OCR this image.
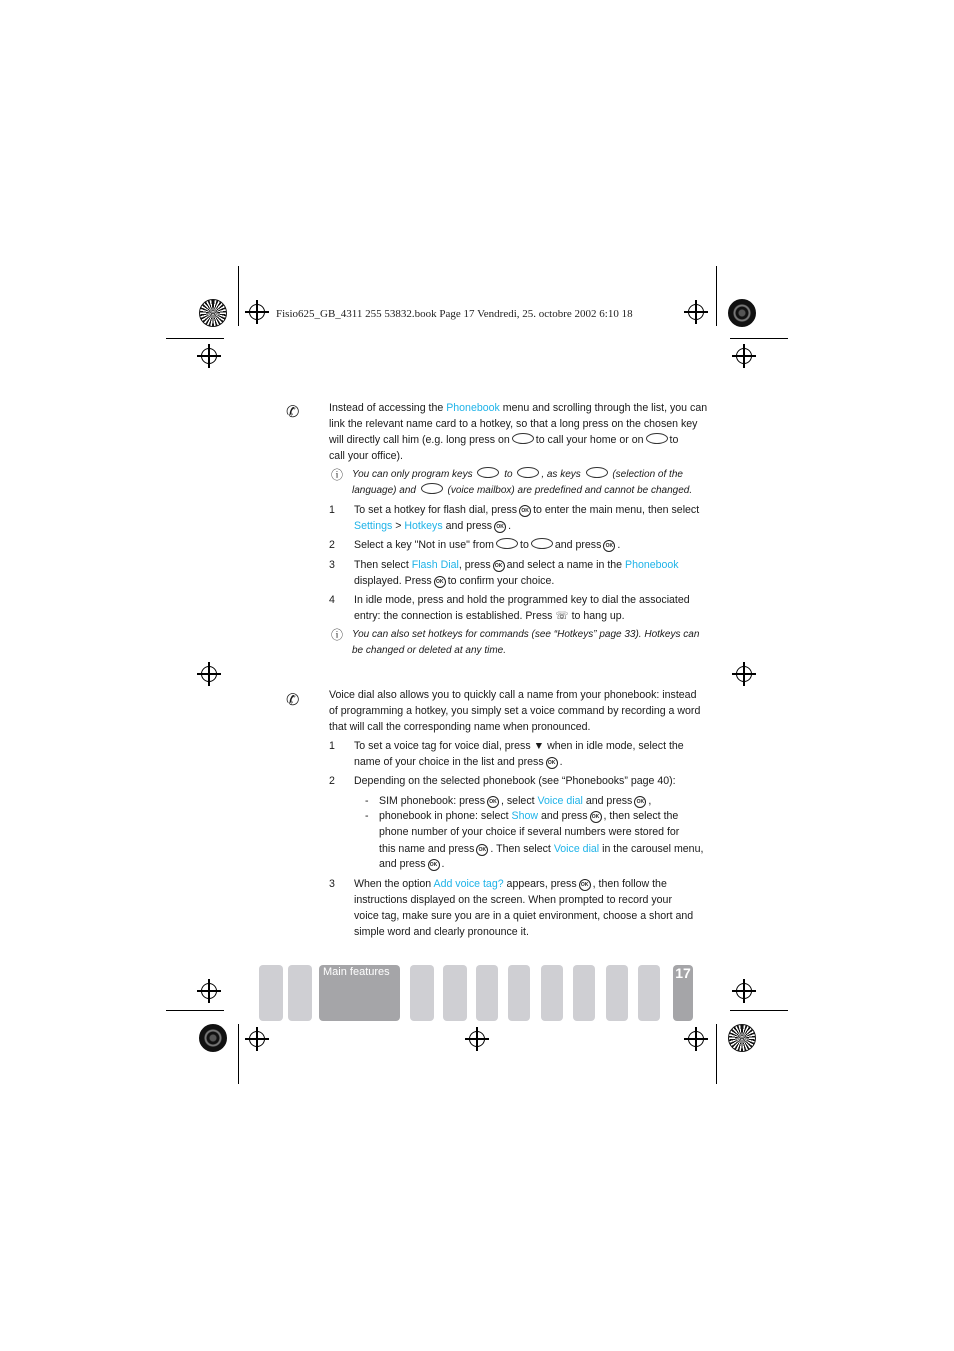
Fisio625_GB_4311 255 53832.book Page 17 Vendredi, 25. octobre 2002 6:10 18
✆	Instead of accessing the Phonebook menu and scrolling through the list, you can
link the relevant name card to a hotkey, so that a long press on the chosen key
will directly call him (e.g. long press on to call your home or on to
call your office).
ⓘ You can only program keys	to	, as keys	(selection of the
language) and	(voice mailbox) are predefined and cannot be changed.
1 To set a hotkey for flash dial, press OK to enter the main menu, then select
Settings > Hotkeys and press OK .
2 Select a key "Not in use" from to and press OK .
3 Then select Flash Dial, press OK and select a name in the Phonebook
displayed. Press OK to confirm your choice.
4 In idle mode, press and hold the programmed key to dial the associated
entry: the connection is established. Press ☏ to hang up.
ⓘ You can also set hotkeys for commands (see “Hotkeys” page 33). Hotkeys can
be changed or deleted at any time.
✆	Voice dial also allows you to quickly call a name from your phonebook: instead
of programming a hotkey, you simply set a voice command by recording a word
that will call the corresponding name when pronounced.
1 To set a voice tag for voice dial, press ▼ when in idle mode, select the
name of your choice in the list and press OK .
2 Depending on the selected phonebook (see “Phonebooks” page 40):
- SIM phonebook: press OK , select Voice dial and press OK ,
- phonebook in phone: select Show and press OK , then select the
phone number of your choice if several numbers were stored for
this name and press OK . Then select Voice dial in the carousel menu,
and press OK .
3 When the option Add voice tag? appears, press OK , then follow the
instructions displayed on the screen. When prompted to record your
voice tag, make sure you are in a quiet environment, choose a short and
simple word and clearly pronounce it.
Main features	17
